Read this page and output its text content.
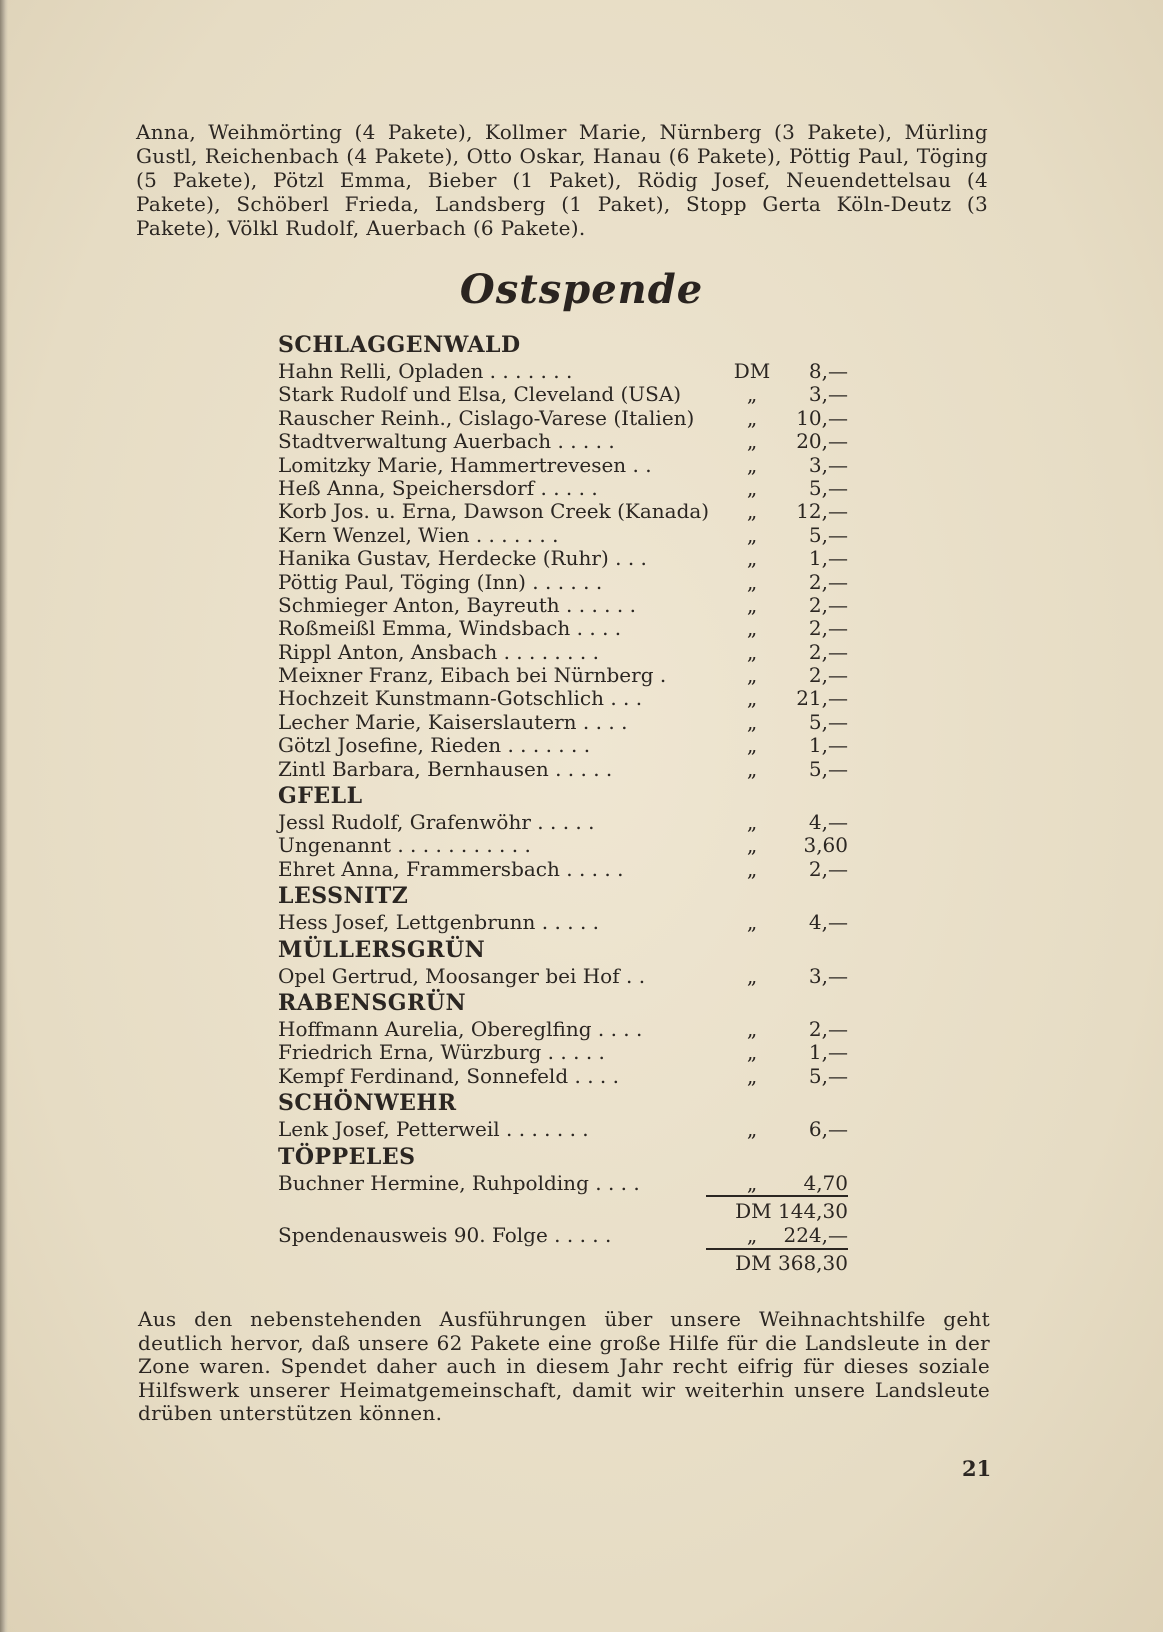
Anna, Weihmörting (4 Pakete), Kollmer Marie, Nürnberg (3 Pakete), Mürling Gustl, Reichenbach (4 Pakete), Otto Oskar, Hanau (6 Pakete), Pöttig Paul, Töging (5 Pakete), Pötzl Emma, Bieber (1 Paket), Rödig Josef, Neuendettelsau (4 Pakete), Schöberl Frieda, Landsberg (1 Paket), Stopp Gerta Köln-Deutz (3 Pakete), Völkl Rudolf, Auerbach (6 Pakete).

Ostspende
SCHLAGGENWALD
Hahn Relli, Opladen . . . . . . .	DM	8,—
Stark Rudolf und Elsa, Cleveland (USA)	„	3,—
Rauscher Reinh., Cislago-Varese (Italien)	„	10,—
Stadtverwaltung Auerbach . . . . .	„	20,—
Lomitzky Marie, Hammertrevesen . .	„	3,—
Heß Anna, Speichersdorf . . . . .	„	5,—
Korb Jos. u. Erna, Dawson Creek (Kanada)	„	12,—
Kern Wenzel, Wien . . . . . . .	„	5,—
Hanika Gustav, Herdecke (Ruhr) . . .	„	1,—
Pöttig Paul, Töging (Inn) . . . . . .	„	2,—
Schmieger Anton, Bayreuth . . . . . .	„	2,—
Roßmeißl Emma, Windsbach . . . .	„	2,—
Rippl Anton, Ansbach . . . . . . . .	„	2,—
Meixner Franz, Eibach bei Nürnberg .	„	2,—
Hochzeit Kunstmann-Gotschlich . . .	„	21,—
Lecher Marie, Kaiserslautern . . . .	„	5,—
Götzl Josefine, Rieden . . . . . . .	„	1,—
Zintl Barbara, Bernhausen . . . . .	„	5,—
GFELL
Jessl Rudolf, Grafenwöhr . . . . .	„	4,—
Ungenannt . . . . . . . . . . .	„	3,60
Ehret Anna, Frammersbach . . . . .	„	2,—
LESSNITZ
Hess Josef, Lettgenbrunn . . . . .	„	4,—
MÜLLERSGRÜN
Opel Gertrud, Moosanger bei Hof . .	„	3,—
RABENSGRÜN
Hoffmann Aurelia, Obereglfing . . . .	„	2,—
Friedrich Erna, Würzburg . . . . .	„	1,—
Kempf Ferdinand, Sonnefeld . . . .	„	5,—
SCHÖNWEHR
Lenk Josef, Petterweil . . . . . . .	„	6,—
TÖPPELES
Buchner Hermine, Ruhpolding . . . .	„	4,70
DM 144,30
Spendenausweis 90. Folge . . . . .	„	224,—
DM 368,30

Aus den nebenstehenden Ausführungen über unsere Weihnachtshilfe geht deutlich hervor, daß unsere 62 Pakete eine große Hilfe für die Landsleute in der Zone waren. Spendet daher auch in diesem Jahr recht eifrig für dieses soziale Hilfswerk unserer Heimatgemeinschaft, damit wir weiterhin unsere Landsleute drüben unterstützen können.

21
